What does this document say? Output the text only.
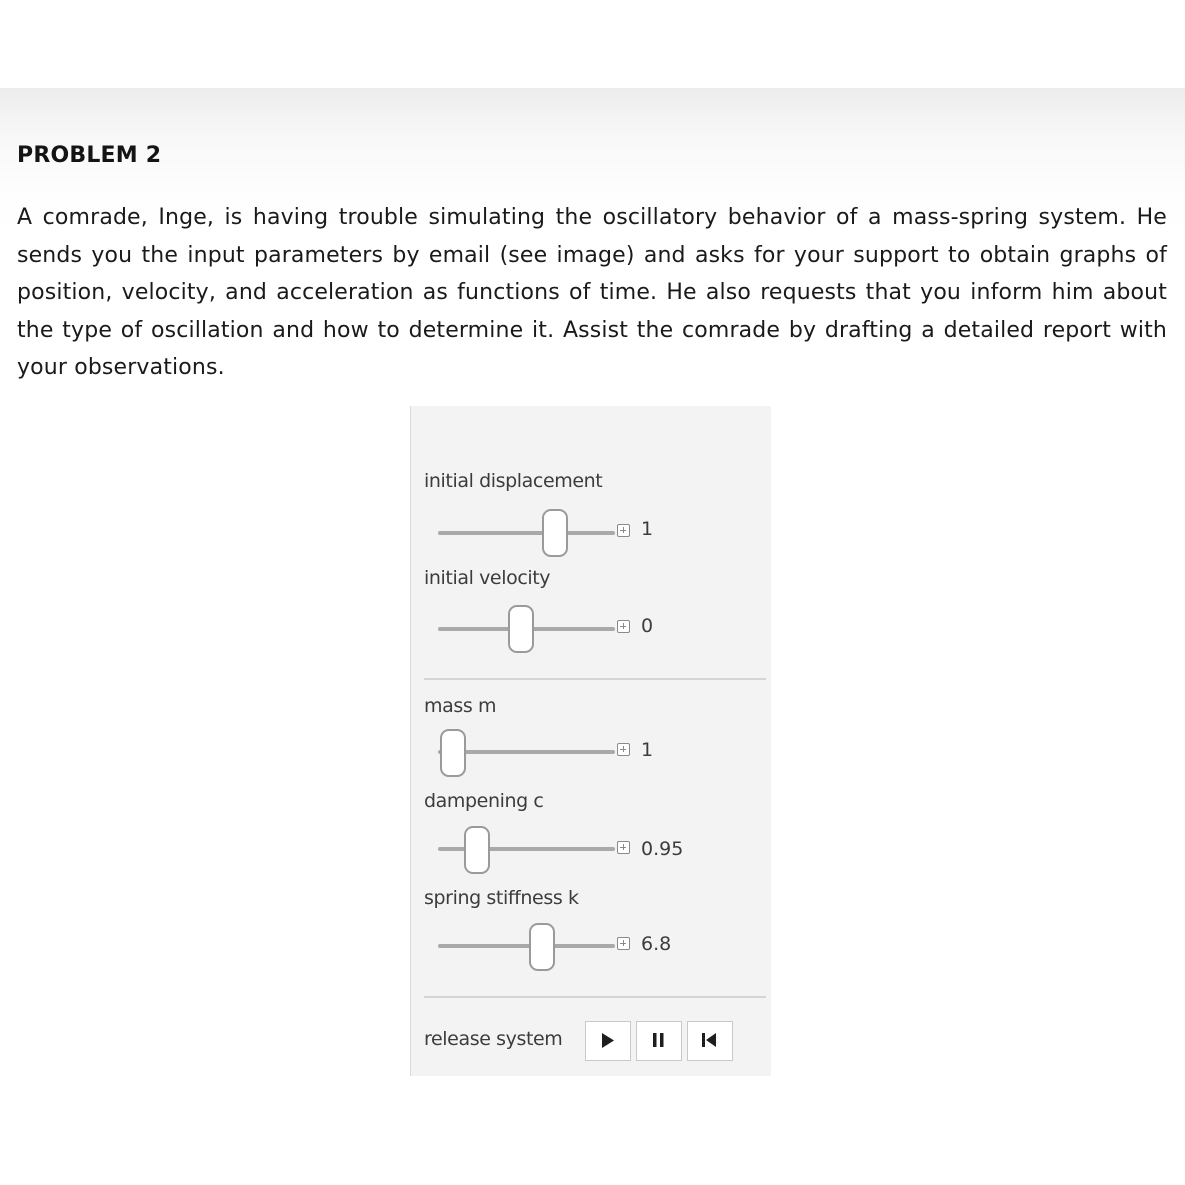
PROBLEM 2

A comrade, Inge, is having trouble simulating the oscillatory behavior of a mass-spring system. He sends you the input parameters by email (see image) and asks for your support to obtain graphs of position, velocity, and acceleration as functions of time. He also requests that you inform him about the type of oscillation and how to determine it. Assist the comrade by drafting a detailed report with your observations.

initial displacement
1
initial velocity
0
mass m
1
dampening c
0.95
spring stiffness k
6.8
release system
